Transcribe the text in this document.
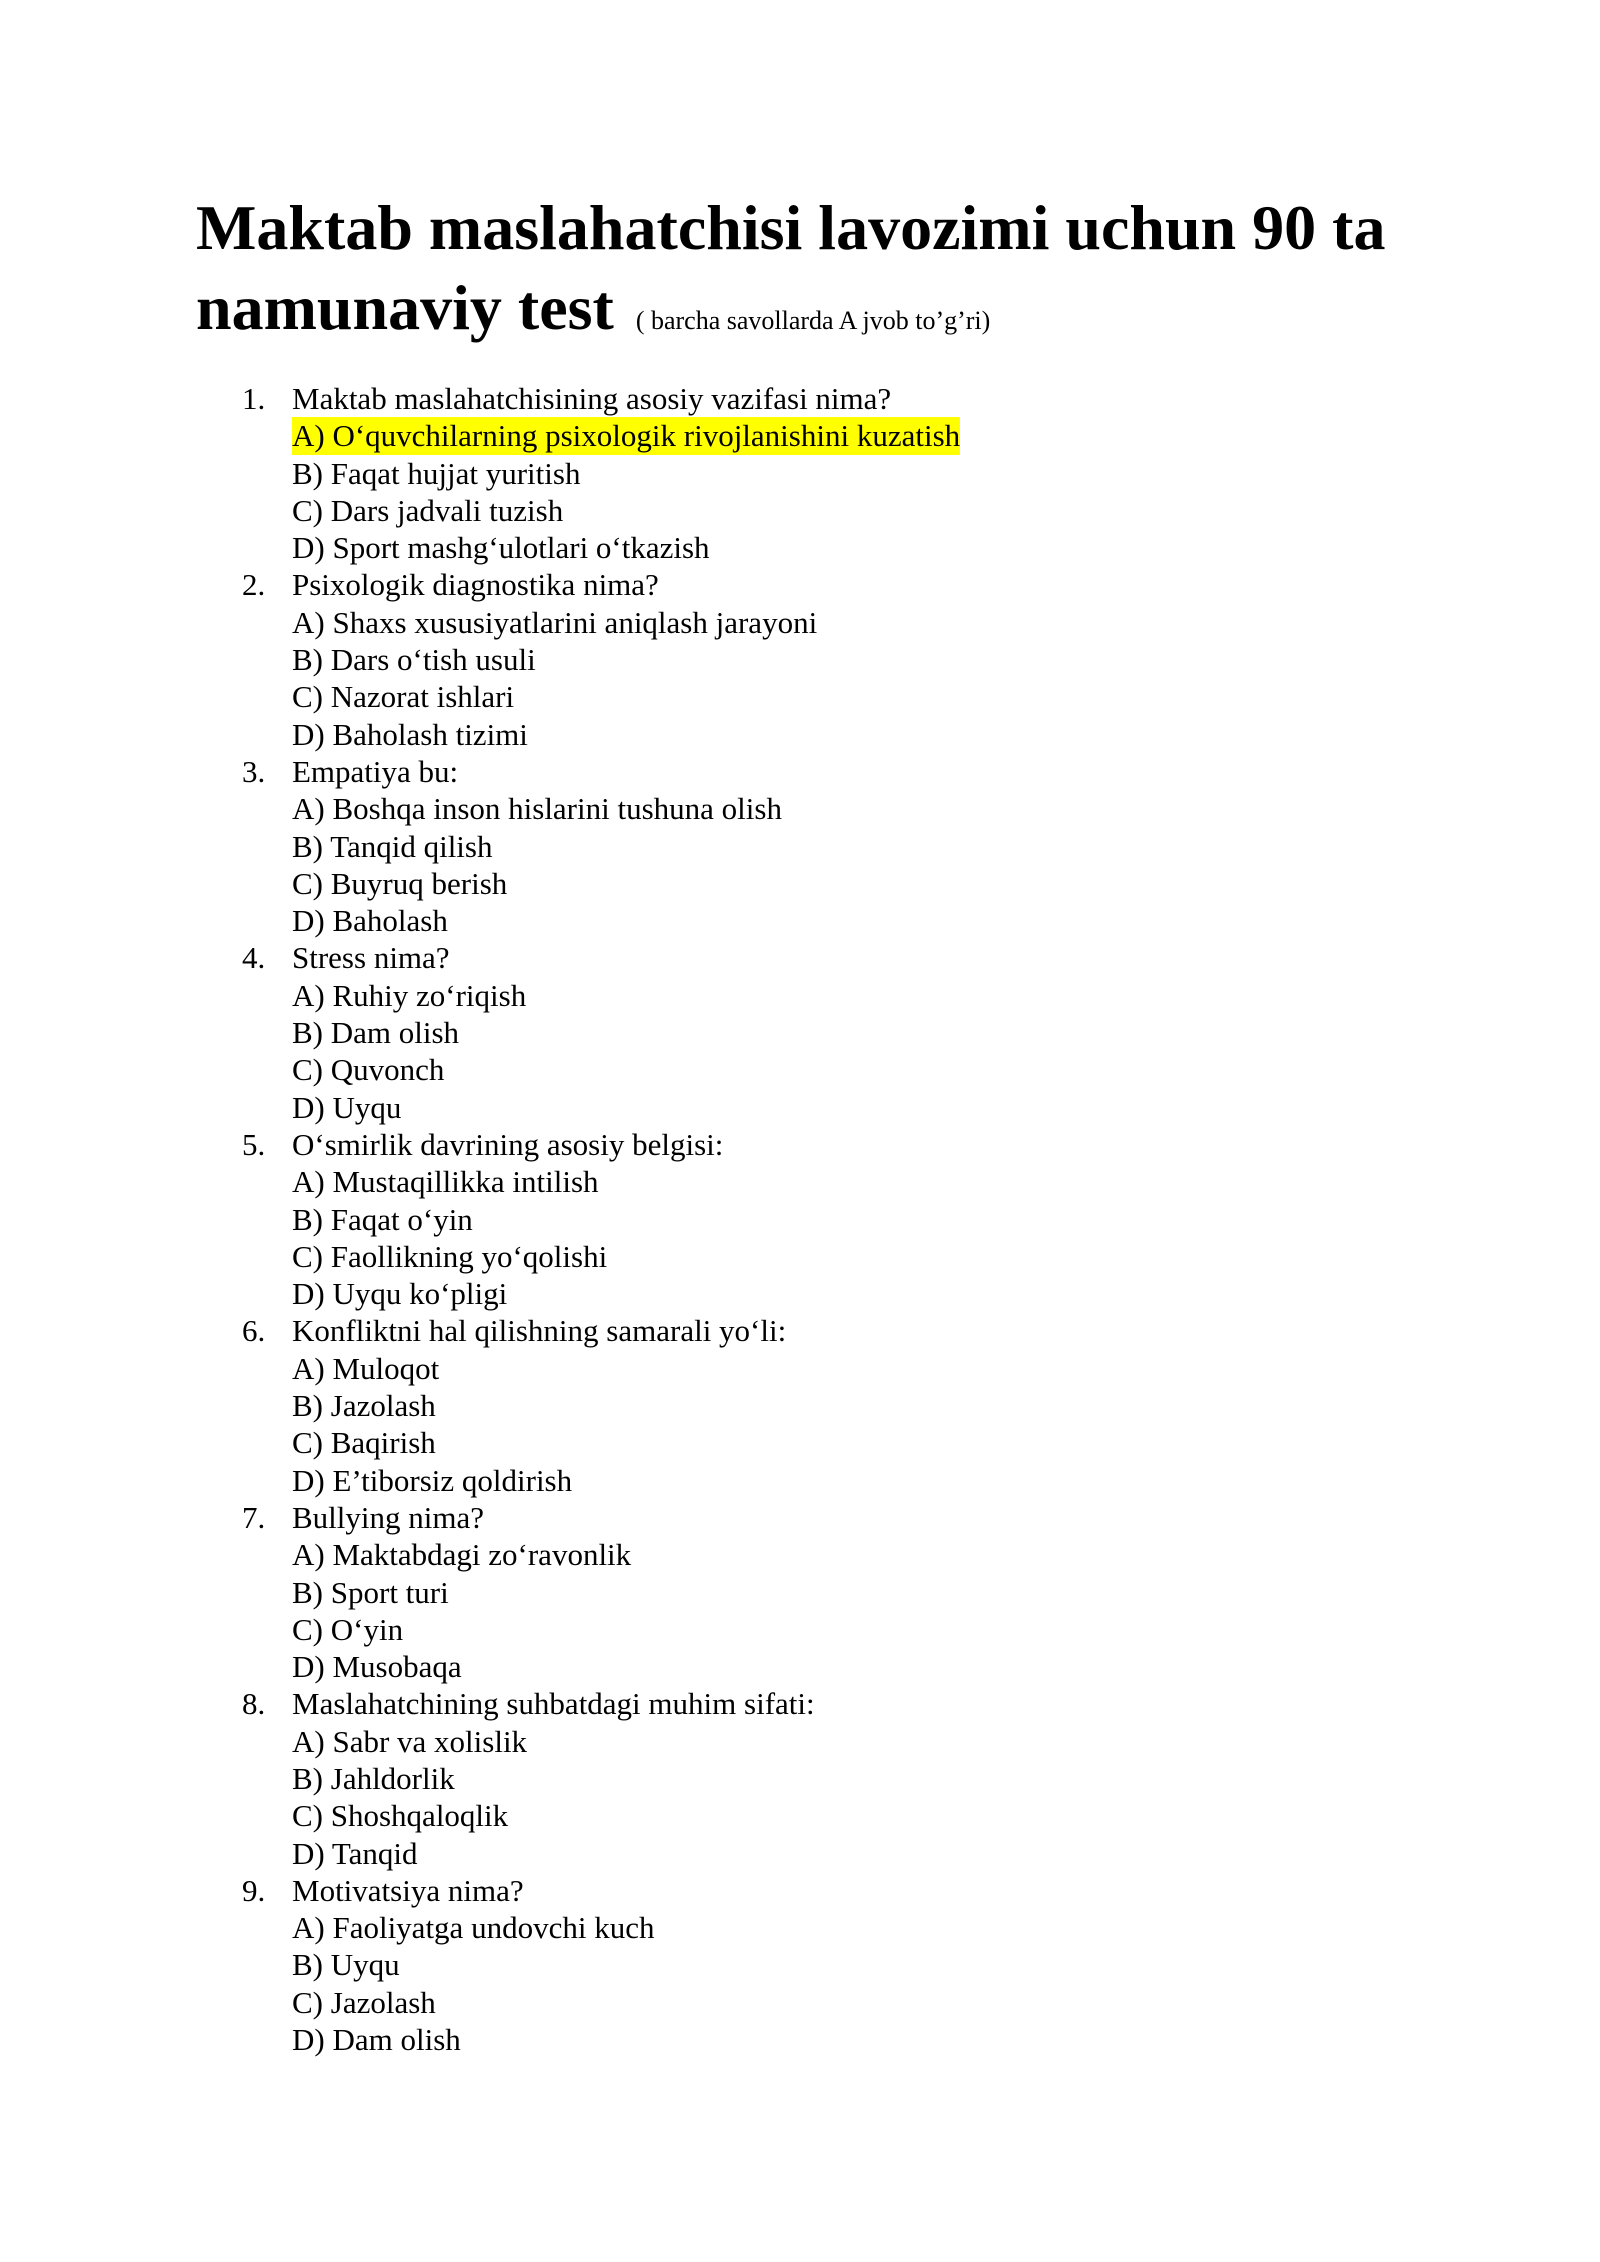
Maktab maslahatchisi lavozimi uchun 90 ta namunaviy test ( barcha savollarda A jvob to’g’ri)
1. Maktab maslahatchisining asosiy vazifasi nima?
A) O‘quvchilarning psixologik rivojlanishini kuzatish
B) Faqat hujjat yuritish
C) Dars jadvali tuzish
D) Sport mashg‘ulotlari o‘tkazish
2. Psixologik diagnostika nima?
A) Shaxs xususiyatlarini aniqlash jarayoni
B) Dars o‘tish usuli
C) Nazorat ishlari
D) Baholash tizimi
3. Empatiya bu:
A) Boshqa inson hislarini tushuna olish
B) Tanqid qilish
C) Buyruq berish
D) Baholash
4. Stress nima?
A) Ruhiy zo‘riqish
B) Dam olish
C) Quvonch
D) Uyqu
5. O‘smirlik davrining asosiy belgisi:
A) Mustaqillikka intilish
B) Faqat o‘yin
C) Faollikning yo‘qolishi
D) Uyqu ko‘pligi
6. Konfliktni hal qilishning samarali yo‘li:
A) Muloqot
B) Jazolash
C) Baqirish
D) E’tiborsiz qoldirish
7. Bullying nima?
A) Maktabdagi zo‘ravonlik
B) Sport turi
C) O‘yin
D) Musobaqa
8. Maslahatchining suhbatdagi muhim sifati:
A) Sabr va xolislik
B) Jahldorlik
C) Shoshqaloqlik
D) Tanqid
9. Motivatsiya nima?
A) Faoliyatga undovchi kuch
B) Uyqu
C) Jazolash
D) Dam olish
